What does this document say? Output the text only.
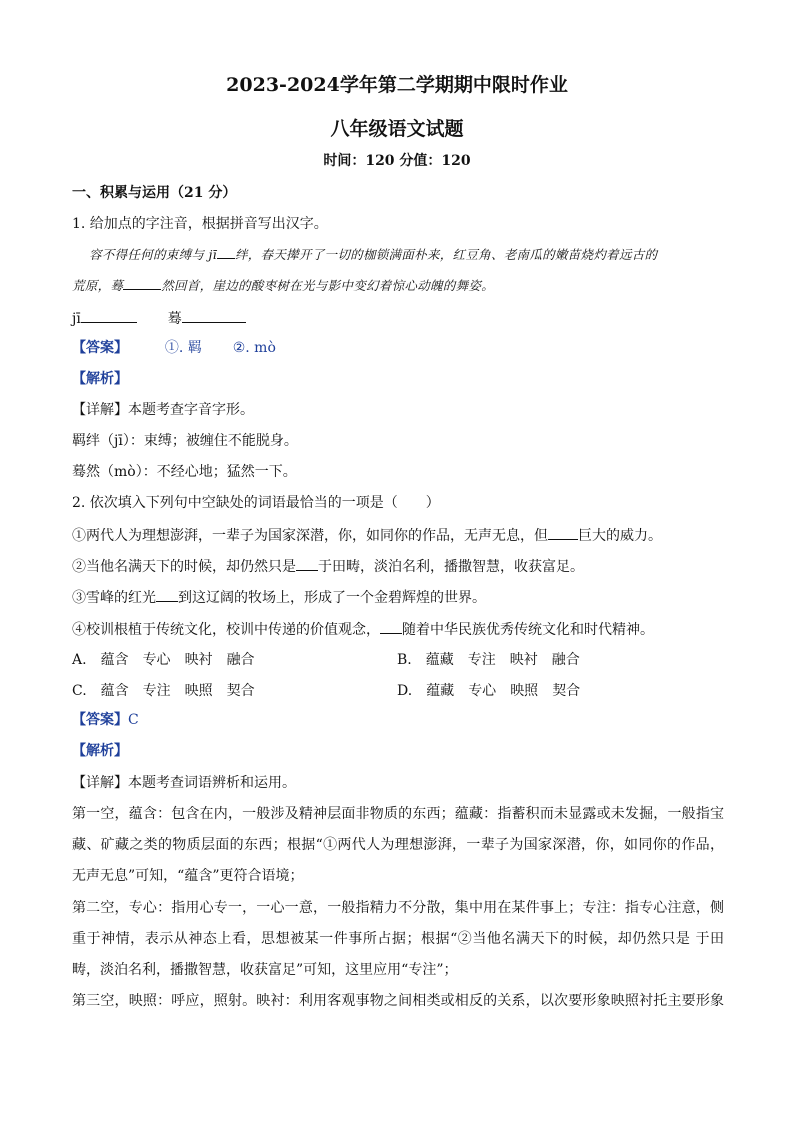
2023-2024学年第二学期期中限时作业
八年级语文试题
时间：120 分值：120
一、积累与运用（21 分）
1. 给加点的字注音，根据拼音写出汉字。
容不得任何的束缚与 jī 绊，春天撵开了一切的枷锁满面朴来，红豆角、老南瓜的嫩苗烧灼着远古的
荒原，蓦	然回首，崖边的酸枣树在光与影中变幻着惊心动魄的舞姿。
jī	蓦
【答案】	①. 羁 ②. mò
【解析】
【详解】本题考查字音字形。
羁绊（jī）：束缚；被缠住不能脱身。
蓦然（mò）：不经心地；猛然一下。
2. 依次填入下列句中空缺处的词语最恰当的一项是（　　）
①两代人为理想澎湃，一辈子为国家深潜，你，如同你的作品，无声无息，但 巨大的威力。
②当他名满天下的时候，却仍然只是 于田畴，淡泊名利，播撒智慧，收获富足。
③雪峰的红光 到这辽阔的牧场上，形成了一个金碧辉煌的世界。
④校训根植于传统文化，校训中传递的价值观念， 随着中华民族优秀传统文化和时代精神。
A. 蕴含 专心 映衬 融合	B. 蕴藏 专注 映衬 融合
C. 蕴含 专注 映照 契合	D. 蕴藏 专心 映照 契合
【答案】C
【解析】
【详解】本题考查词语辨析和运用。
第一空，蕴含：包含在内，一般涉及精神层面非物质的东西；蕴藏：指蓄积而未显露或未发掘，一般指宝
藏、矿藏之类的物质层面的东西；根据“①两代人为理想澎湃，一辈子为国家深潜，你，如同你的作品，
无声无息”可知，“蕴含”更符合语境；
第二空，专心：指用心专一，一心一意，一般指精力不分散，集中用在某件事上；专注：指专心注意，侧
重于神情，表示从神态上看，思想被某一件事所占据；根据“②当他名满天下的时候，却仍然只是 于田
畴，淡泊名利，播撒智慧，收获富足”可知，这里应用“专注”；
第三空，映照：呼应，照射。映衬：利用客观事物之间相类或相反的关系，以次要形象映照衬托主要形象
